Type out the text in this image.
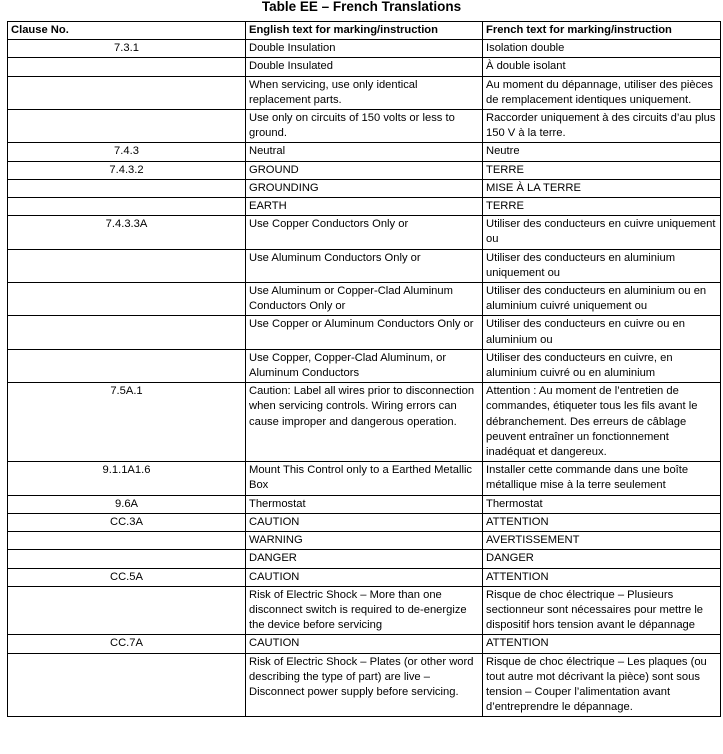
Table EE – French Translations
Clause No.	English text for marking/instruction	French text for marking/instruction
7.3.1	Double Insulation	Isolation double
	Double Insulated	À double isolant
	When servicing, use only identical replacement parts.	Au moment du dépannage, utiliser des pièces de remplacement identiques uniquement.
	Use only on circuits of 150 volts or less to ground.	Raccorder uniquement à des circuits d’au plus 150 V à la terre.
7.4.3	Neutral	Neutre
7.4.3.2	GROUND	TERRE
	GROUNDING	MISE À LA TERRE
	EARTH	TERRE
7.4.3.3A	Use Copper Conductors Only or	Utiliser des conducteurs en cuivre uniquement ou
	Use Aluminum Conductors Only or	Utiliser des conducteurs en aluminium uniquement ou
	Use Aluminum or Copper-Clad Aluminum Conductors Only or	Utiliser des conducteurs en aluminium ou en aluminium cuivré uniquement ou
	Use Copper or Aluminum Conductors Only or	Utiliser des conducteurs en cuivre ou en aluminium ou
	Use Copper, Copper-Clad Aluminum, or Aluminum Conductors	Utiliser des conducteurs en cuivre, en aluminium cuivré ou en aluminium
7.5A.1	Caution: Label all wires prior to disconnection when servicing controls. Wiring errors can cause improper and dangerous operation.	Attention : Au moment de l’entretien de commandes, étiqueter tous les fils avant le débranchement. Des erreurs de câblage peuvent entraîner un fonctionnement inadéquat et dangereux.
9.1.1A1.6	Mount This Control only to a Earthed Metallic Box	Installer cette commande dans une boîte métallique mise à la terre seulement
9.6A	Thermostat	Thermostat
CC.3A	CAUTION	ATTENTION
	WARNING	AVERTISSEMENT
	DANGER	DANGER
CC.5A	CAUTION	ATTENTION
	Risk of Electric Shock – More than one disconnect switch is required to de-energize the device before servicing	Risque de choc électrique – Plusieurs sectionneur sont nécessaires pour mettre le dispositif hors tension avant le dépannage
CC.7A	CAUTION	ATTENTION
	Risk of Electric Shock – Plates (or other word describing the type of part) are live – Disconnect power supply before servicing.	Risque de choc électrique – Les plaques (ou tout autre mot décrivant la pièce) sont sous tension – Couper l’alimentation avant d’entreprendre le dépannage.
